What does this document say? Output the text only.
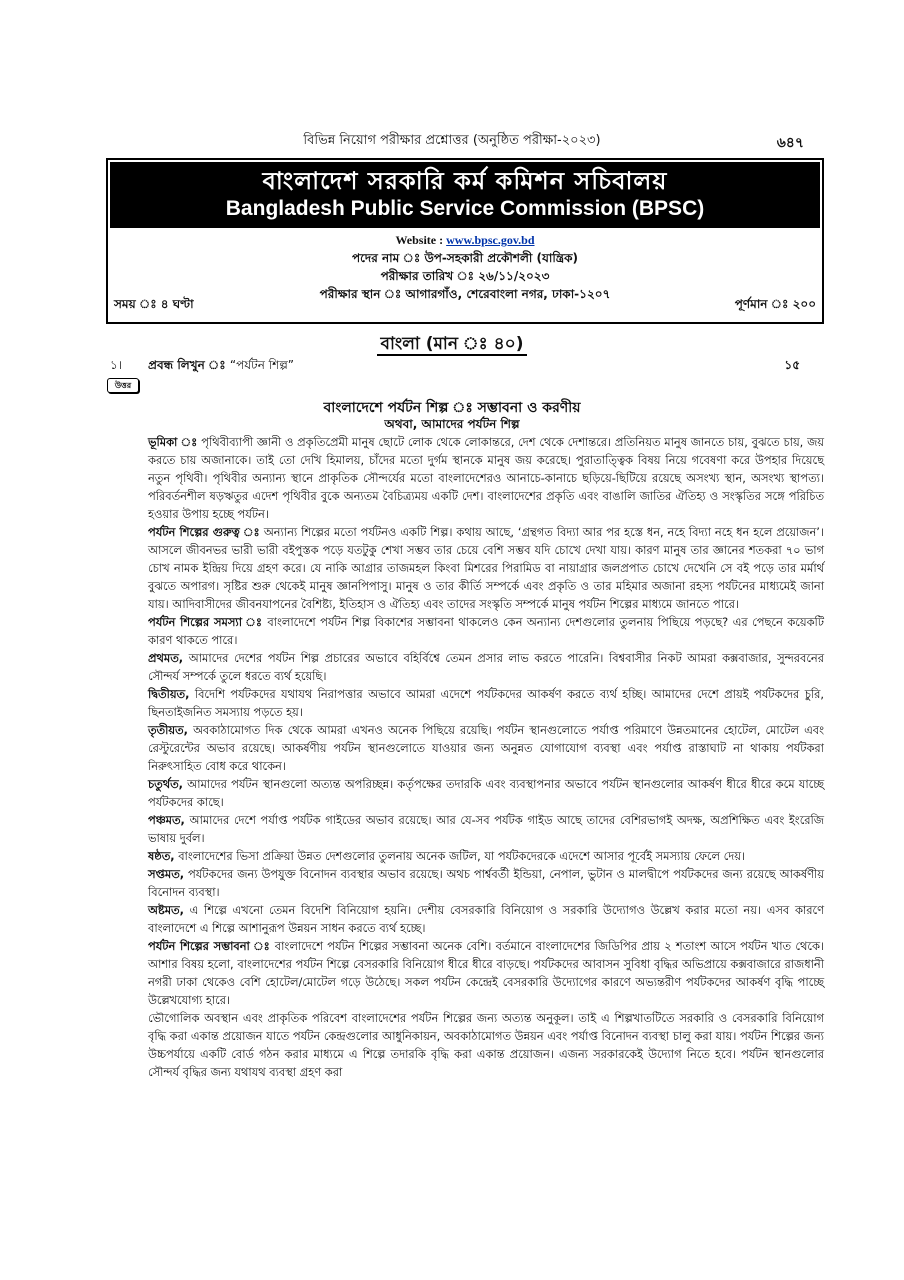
বিভিন্ন নিয়োগ পরীক্ষার প্রশ্নোত্তর (অনুষ্ঠিত পরীক্ষা-২০২৩)	৬৪৭
বাংলাদেশ সরকারি কর্ম কমিশন সচিবালয়
Bangladesh Public Service Commission (BPSC)
Website : www.bpsc.gov.bd
পদের নাম ঃ উপ-সহকারী প্রকৌশলী (যান্ত্রিক)
পরীক্ষার তারিখ ঃ ২৬/১১/২০২৩
পরীক্ষার স্থান ঃ আগারগাঁও, শেরেবাংলা নগর, ঢাকা-১২০৭
সময় ঃ ৪ ঘণ্টা	পূর্ণমান ঃ ২০০
বাংলা (মান ঃ ৪০)
১। প্রবন্ধ লিখুন ঃ “পর্যটন শিল্প”	১৫
উত্তর
বাংলাদেশে পর্যটন শিল্প ঃ সম্ভাবনা ও করণীয়
অথবা, আমাদের পর্যটন শিল্প

ভূমিকা ঃ পৃথিবীব্যাপী জ্ঞানী ও প্রকৃতিপ্রেমী মানুষ ছোটে লোক থেকে লোকান্তরে, দেশ থেকে দেশান্তরে। প্রতিনিয়ত মানুষ জানতে চায়, বুঝতে চায়, জয় করতে চায় অজানাকে। তাই তো দেখি হিমালয়, চাঁদের মতো দুর্গম স্থানকে মানুষ জয় করেছে। পুরাতাত্ত্বিক বিষয় নিয়ে গবেষণা করে উপহার দিয়েছে নতুন পৃথিবী। পৃথিবীর অন্যান্য স্থানে প্রাকৃতিক সৌন্দর্যের মতো বাংলাদেশেরও আনাচে-কানাচে ছড়িয়ে-ছিটিয়ে রয়েছে অসংখ্য স্থান, অসংখ্য স্থাপত্য। পরিবর্তনশীল ষড়ঋতুর এদেশ পৃথিবীর বুকে অন্যতম বৈচিত্র্যময় একটি দেশ। বাংলাদেশের প্রকৃতি এবং বাঙালি জাতির ঐতিহ্য ও সংস্কৃতির সঙ্গে পরিচিত হওয়ার উপায় হচ্ছে পর্যটন।

পর্যটন শিল্পের গুরুত্ব ঃ অন্যান্য শিল্পের মতো পর্যটনও একটি শিল্প। কথায় আছে, ‘গ্রন্থগত বিদ্যা আর পর হস্তে ধন, নহে বিদ্যা নহে ধন হলে প্রয়োজন’। আসলে জীবনভর ভারী ভারী বইপুস্তক পড়ে যতটুকু শেখা সম্ভব তার চেয়ে বেশি সম্ভব যদি চোখে দেখা যায়। কারণ মানুষ তার জ্ঞানের শতকরা ৭০ ভাগ চোখ নামক ইন্দ্রিয় দিয়ে গ্রহণ করে। যে নাকি আগ্রার তাজমহল কিংবা মিশরের পিরামিড বা নায়াগ্রার জলপ্রপাত চোখে দেখেনি সে বই পড়ে তার মর্মার্থ বুঝতে অপারগ। সৃষ্টির শুরু থেকেই মানুষ জ্ঞানপিপাসু। মানুষ ও তার কীর্তি সম্পর্কে এবং প্রকৃতি ও তার মহিমার অজানা রহস্য পর্যটনের মাধ্যমেই জানা যায়। আদিবাসীদের জীবনযাপনের বৈশিষ্ট্য, ইতিহাস ও ঐতিহ্য এবং তাদের সংস্কৃতি সম্পর্কে মানুষ পর্যটন শিল্পের মাধ্যমে জানতে পারে।

পর্যটন শিল্পের সমস্যা ঃ বাংলাদেশে পর্যটন শিল্প বিকাশের সম্ভাবনা থাকলেও কেন অন্যান্য দেশগুলোর তুলনায় পিছিয়ে পড়ছে? এর পেছনে কয়েকটি কারণ থাকতে পারে।

প্রথমত, আমাদের দেশের পর্যটন শিল্প প্রচারের অভাবে বহির্বিশ্বে তেমন প্রসার লাভ করতে পারেনি। বিশ্ববাসীর নিকট আমরা কক্সবাজার, সুন্দরবনের সৌন্দর্য সম্পর্কে তুলে ধরতে ব্যর্থ হয়েছি।

দ্বিতীয়ত, বিদেশি পর্যটকদের যথাযথ নিরাপত্তার অভাবে আমরা এদেশে পর্যটকদের আকর্ষণ করতে ব্যর্থ হচ্ছি। আমাদের দেশে প্রায়ই পর্যটকদের চুরি, ছিনতাইজনিত সমস্যায় পড়তে হয়।

তৃতীয়ত, অবকাঠামোগত দিক থেকে আমরা এখনও অনেক পিছিয়ে রয়েছি। পর্যটন স্থানগুলোতে পর্যাপ্ত পরিমাণে উন্নতমানের হোটেল, মোটেল এবং রেস্টুরেন্টের অভাব রয়েছে। আকর্ষণীয় পর্যটন স্থানগুলোতে যাওয়ার জন্য অনুন্নত যোগাযোগ ব্যবস্থা এবং পর্যাপ্ত রাস্তাঘাট না থাকায় পর্যটকরা নিরুৎসাহিত বোধ করে থাকেন।

চতুর্থত, আমাদের পর্যটন স্থানগুলো অত্যন্ত অপরিচ্ছন্ন। কর্তৃপক্ষের তদারকি এবং ব্যবস্থাপনার অভাবে পর্যটন স্থানগুলোর আকর্ষণ ধীরে ধীরে কমে যাচ্ছে পর্যটকদের কাছে।

পঞ্চমত, আমাদের দেশে পর্যাপ্ত পর্যটক গাইডের অভাব রয়েছে। আর যে-সব পর্যটক গাইড আছে তাদের বেশিরভাগই অদক্ষ, অপ্রশিক্ষিত এবং ইংরেজি ভাষায় দুর্বল।

ষষ্ঠত, বাংলাদেশের ভিসা প্রক্রিয়া উন্নত দেশগুলোর তুলনায় অনেক জটিল, যা পর্যটকদেরকে এদেশে আসার পূর্বেই সমস্যায় ফেলে দেয়।

সপ্তমত, পর্যটকদের জন্য উপযুক্ত বিনোদন ব্যবস্থার অভাব রয়েছে। অথচ পার্শ্ববর্তী ইন্ডিয়া, নেপাল, ভুটান ও মালদ্বীপে পর্যটকদের জন্য রয়েছে আকর্ষণীয় বিনোদন ব্যবস্থা।

অষ্টমত, এ শিল্পে এখনো তেমন বিদেশি বিনিয়োগ হয়নি। দেশীয় বেসরকারি বিনিয়োগ ও সরকারি উদ্যোগও উল্লেখ করার মতো নয়। এসব কারণে বাংলাদেশে এ শিল্পে আশানুরূপ উন্নয়ন সাধন করতে ব্যর্থ হচ্ছে।

পর্যটন শিল্পের সম্ভাবনা ঃ বাংলাদেশে পর্যটন শিল্পের সম্ভাবনা অনেক বেশি। বর্তমানে বাংলাদেশের জিডিপির প্রায় ২ শতাংশ আসে পর্যটন খাত থেকে। আশার বিষয় হলো, বাংলাদেশের পর্যটন শিল্পে বেসরকারি বিনিয়োগ ধীরে ধীরে বাড়ছে। পর্যটকদের আবাসন সুবিধা বৃদ্ধির অভিপ্রায়ে কক্সবাজারে রাজধানী নগরী ঢাকা থেকেও বেশি হোটেল/মোটেল গড়ে উঠেছে। সকল পর্যটন কেন্দ্রেই বেসরকারি উদ্যোগের কারণে অভ্যন্তরীণ পর্যটকদের আকর্ষণ বৃদ্ধি পাচ্ছে উল্লেখযোগ্য হারে।

ভৌগোলিক অবস্থান এবং প্রাকৃতিক পরিবেশ বাংলাদেশের পর্যটন শিল্পের জন্য অত্যন্ত অনুকূল। তাই এ শিল্পখাতটিতে সরকারি ও বেসরকারি বিনিয়োগ বৃদ্ধি করা একান্ত প্রয়োজন যাতে পর্যটন কেন্দ্রগুলোর আধুনিকায়ন, অবকাঠামোগত উন্নয়ন এবং পর্যাপ্ত বিনোদন ব্যবস্থা চালু করা যায়। পর্যটন শিল্পের জন্য উচ্চপর্যায়ে একটি বোর্ড গঠন করার মাধ্যমে এ শিল্পে তদারকি বৃদ্ধি করা একান্ত প্রয়োজন। এজন্য সরকারকেই উদ্যোগ নিতে হবে। পর্যটন স্থানগুলোর সৌন্দর্য বৃদ্ধির জন্য যথাযথ ব্যবস্থা গ্রহণ করা
